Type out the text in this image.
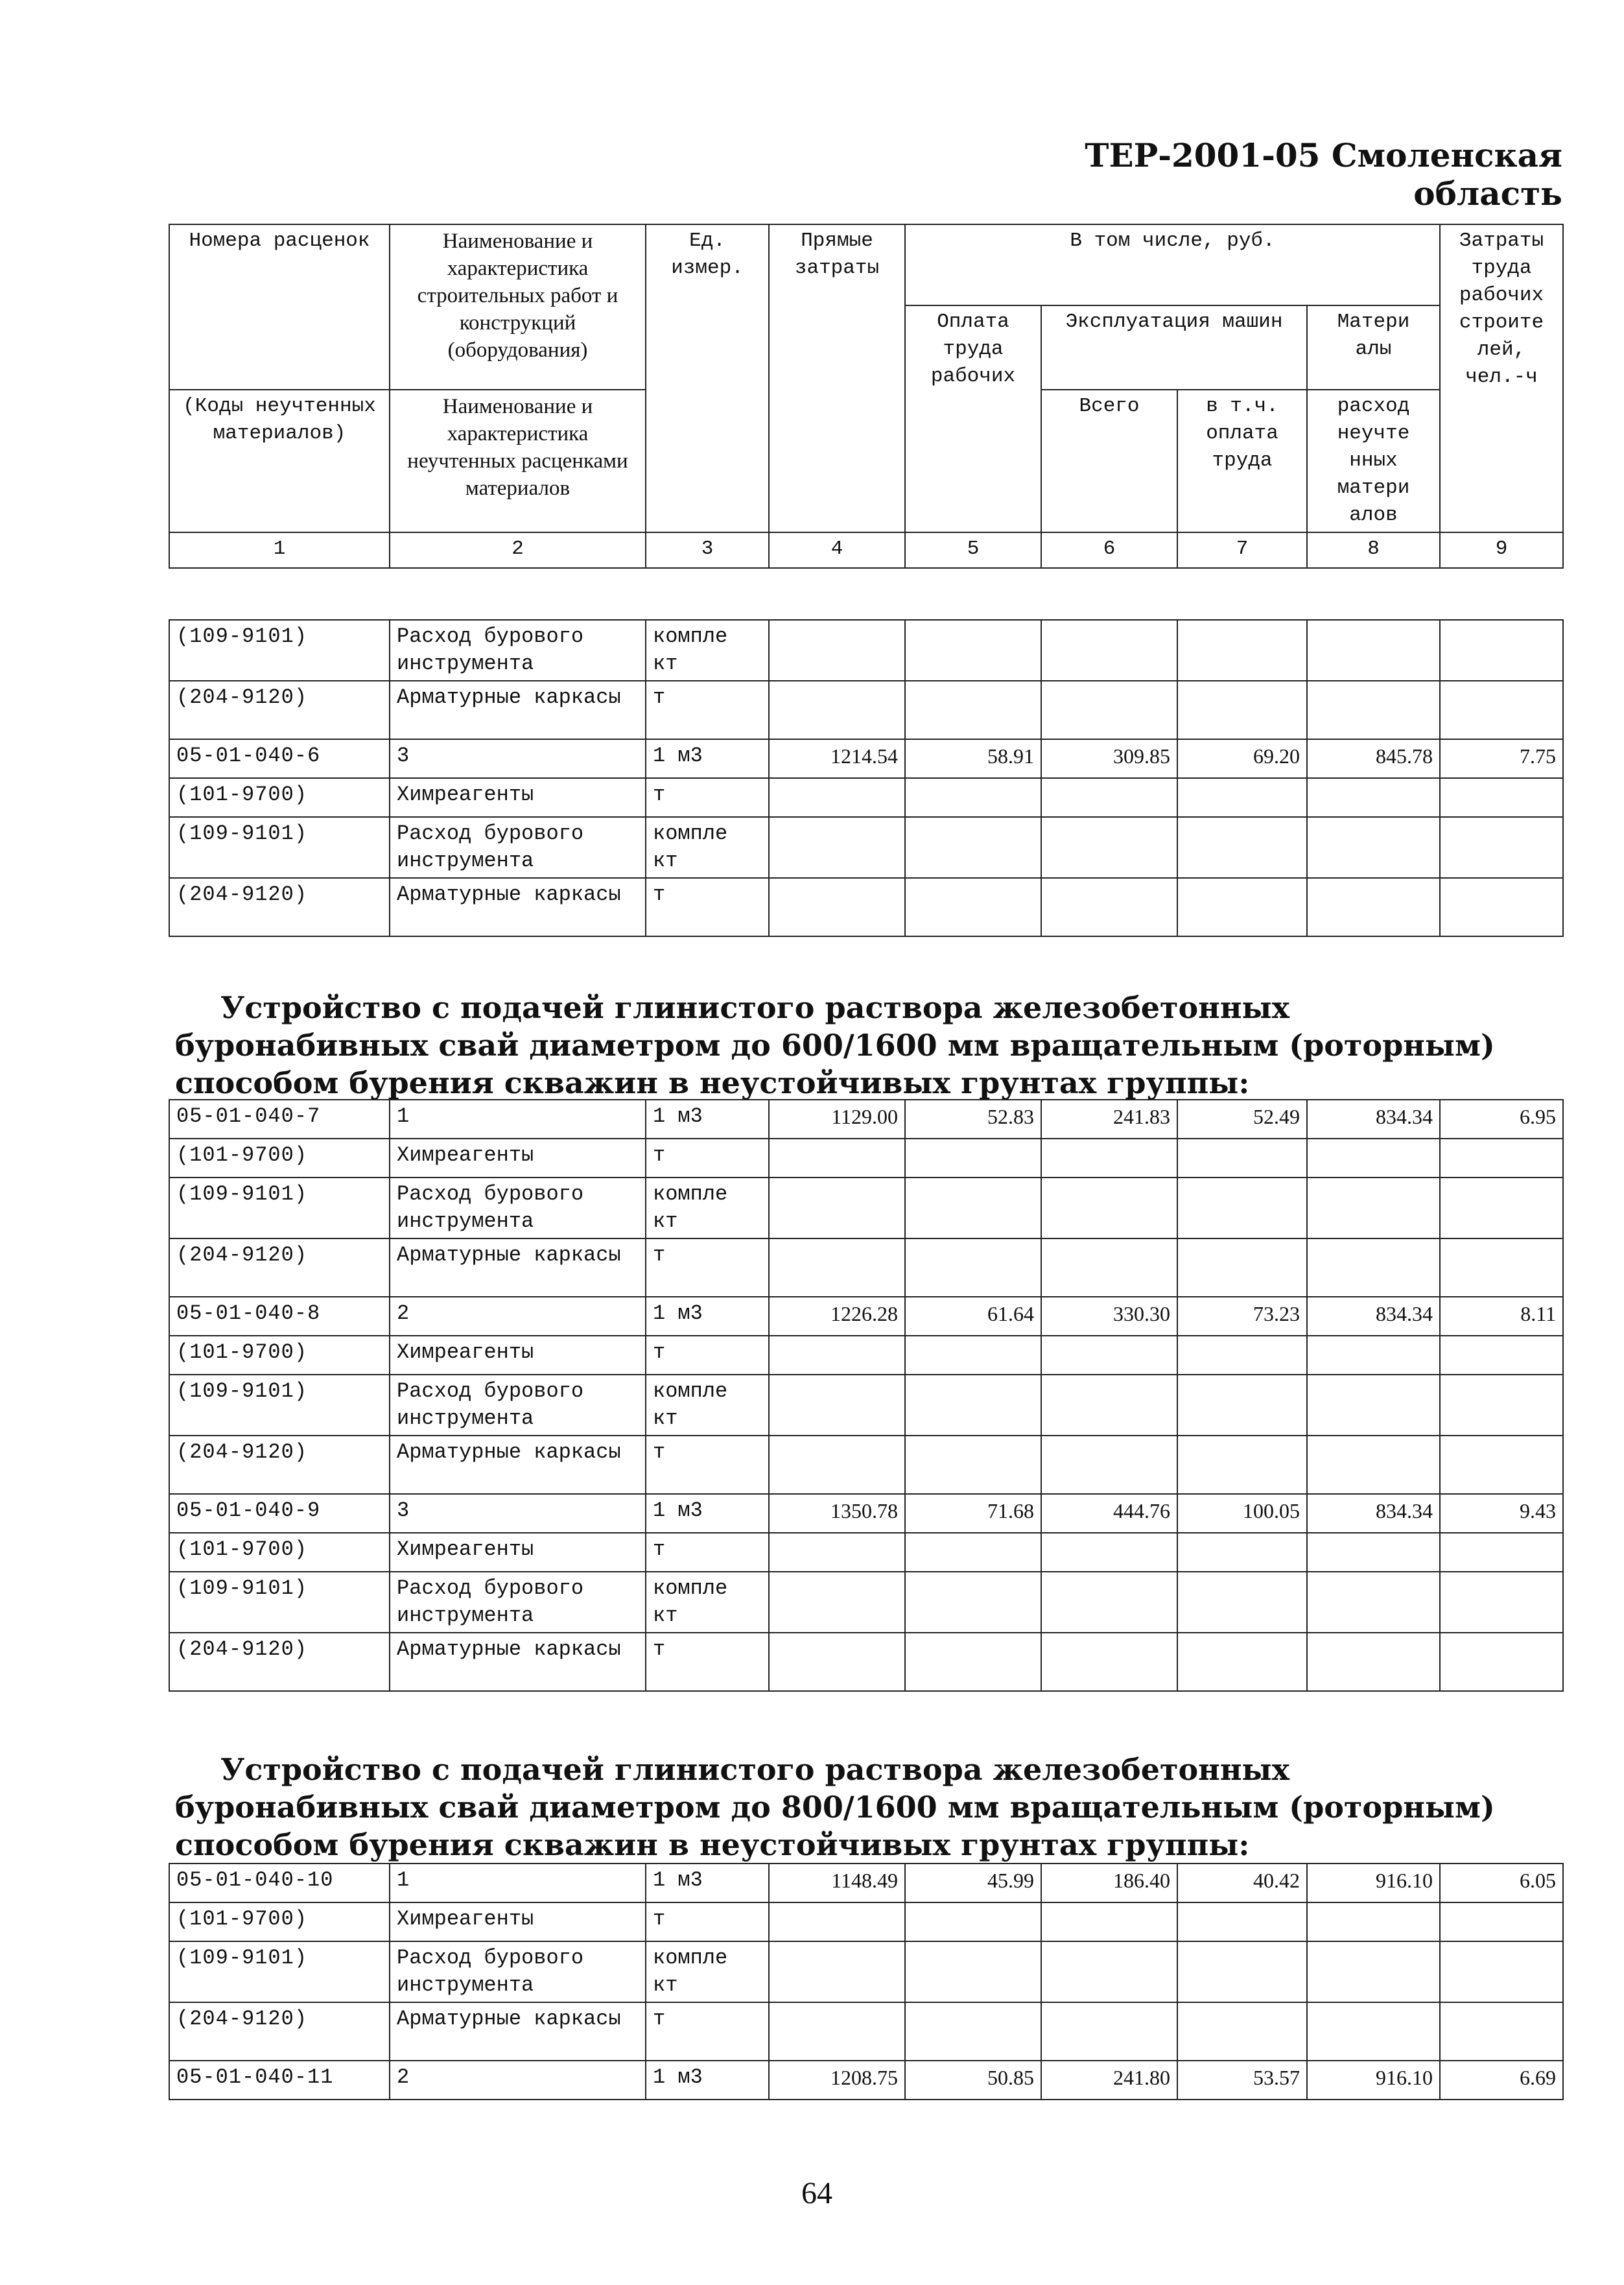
ТЕР-2001-05 Смоленская область
Номера расценок	Наименование и характеристика строительных работ и конструкций (оборудования)	Ед. измер.	Прямые затраты	В том числе, руб.				Затраты труда рабочих строите лей, чел.-ч
				Оплата труда рабочих	Эксплуатация машин		Матери алы	
(Коды неучтенных материалов)	Наименование и характеристика неучтенных расценками материалов				Всего	в т.ч. оплата труда	расход неучте нных матери алов	

1	2	3	4	5	6	7	8	9
(109-9101)	Расход бурового инструмента	компле кт						
(204-9120)	Арматурные каркасы	т						
05-01-040-6	3	1 м3	1214.54	58.91	309.85	69.20	845.78	7.75
(101-9700)	Химреагенты	т						
(109-9101)	Расход бурового инструмента	компле кт						
(204-9120)	Арматурные каркасы	т						
Устройство с подачей глинистого раствора железобетонных
буронабивных свай диаметром до 600/1600 мм вращательным (роторным)
способом бурения скважин в неустойчивых грунтах группы:
05-01-040-7	1	1 м3	1129.00	52.83	241.83	52.49	834.34	6.95
(101-9700)	Химреагенты	т						
(109-9101)	Расход бурового инструмента	компле кт						
(204-9120)	Арматурные каркасы	т						
05-01-040-8	2	1 м3	1226.28	61.64	330.30	73.23	834.34	8.11
(101-9700)	Химреагенты	т						
(109-9101)	Расход бурового инструмента	компле кт						
(204-9120)	Арматурные каркасы	т						
05-01-040-9	3	1 м3	1350.78	71.68	444.76	100.05	834.34	9.43
(101-9700)	Химреагенты	т						
(109-9101)	Расход бурового инструмента	компле кт						
(204-9120)	Арматурные каркасы	т						
Устройство с подачей глинистого раствора железобетонных
буронабивных свай диаметром до 800/1600 мм вращательным (роторным)
способом бурения скважин в неустойчивых грунтах группы:
05-01-040-10	1	1 м3	1148.49	45.99	186.40	40.42	916.10	6.05
(101-9700)	Химреагенты	т						
(109-9101)	Расход бурового инструмента	компле кт						
(204-9120)	Арматурные каркасы	т						
05-01-040-11	2	1 м3	1208.75	50.85	241.80	53.57	916.10	6.69
64
